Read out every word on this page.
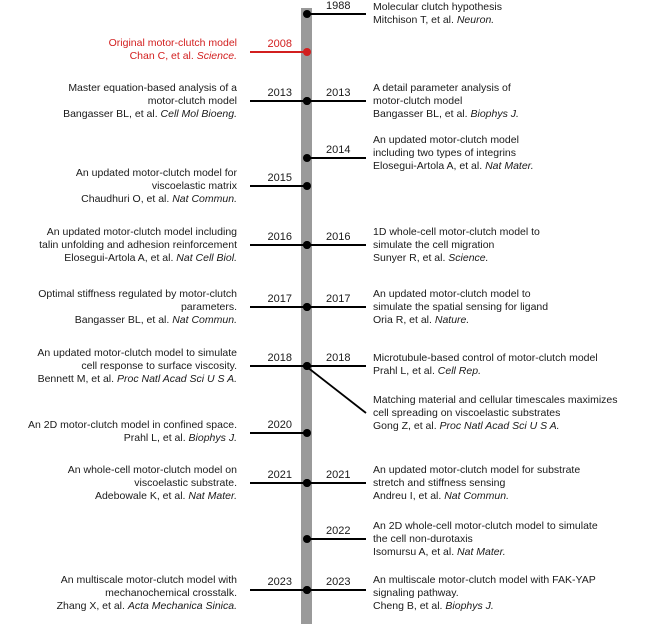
1988 Molecular clutch hypothesis
Mitchison T, et al. Neuron.
2008
Original motor-clutch model
Chan C, et al. Science.
2013
Master equation-based analysis of a
motor-clutch model
Bangasser BL, et al. Cell Mol Bioeng.
2013 A detail parameter analysis of
motor-clutch model
Bangasser BL, et al. Biophys J.
2014
An updated motor-clutch model
including two types of integrins
Elosegui-Artola A, et al. Nat Mater.
2015
An updated motor-clutch model for
viscoelastic matrix
Chaudhuri O, et al. Nat Commun.
2016
An updated motor-clutch model including
talin unfolding and adhesion reinforcement
Elosegui-Artola A, et al. Nat Cell Biol.
2016 1D whole-cell motor-clutch model to
simulate the cell migration
Sunyer R, et al. Science.
2017
Optimal stiffness regulated by motor-clutch
parameters.
Bangasser BL, et al. Nat Commun.
2017 An updated motor-clutch model to
simulate the spatial sensing for ligand
Oria R, et al. Nature.
2018
An updated motor-clutch model to simulate
cell response to surface viscosity.
Bennett M, et al. Proc Natl Acad Sci U S A.
2018 Microtubule-based control of motor-clutch model
Prahl L, et al. Cell Rep.
Matching material and cellular timescales maximizes
cell spreading on viscoelastic substrates
Gong Z, et al. Proc Natl Acad Sci U S A.
2020
An 2D motor-clutch model in confined space.
Prahl L, et al. Biophys J.
2021
An whole-cell motor-clutch model on
viscoelastic substrate.
Adebowale K, et al. Nat Mater.
2021 An updated motor-clutch model for substrate
stretch and stiffness sensing
Andreu I, et al. Nat Commun.
2022 An 2D whole-cell motor-clutch model to simulate
the cell non-durotaxis
Isomursu A, et al. Nat Mater.
2023
An multiscale motor-clutch model with
mechanochemical crosstalk.
Zhang X, et al. Acta Mechanica Sinica.
2023 An multiscale motor-clutch model with FAK-YAP
signaling pathway.
Cheng B, et al. Biophys J.
